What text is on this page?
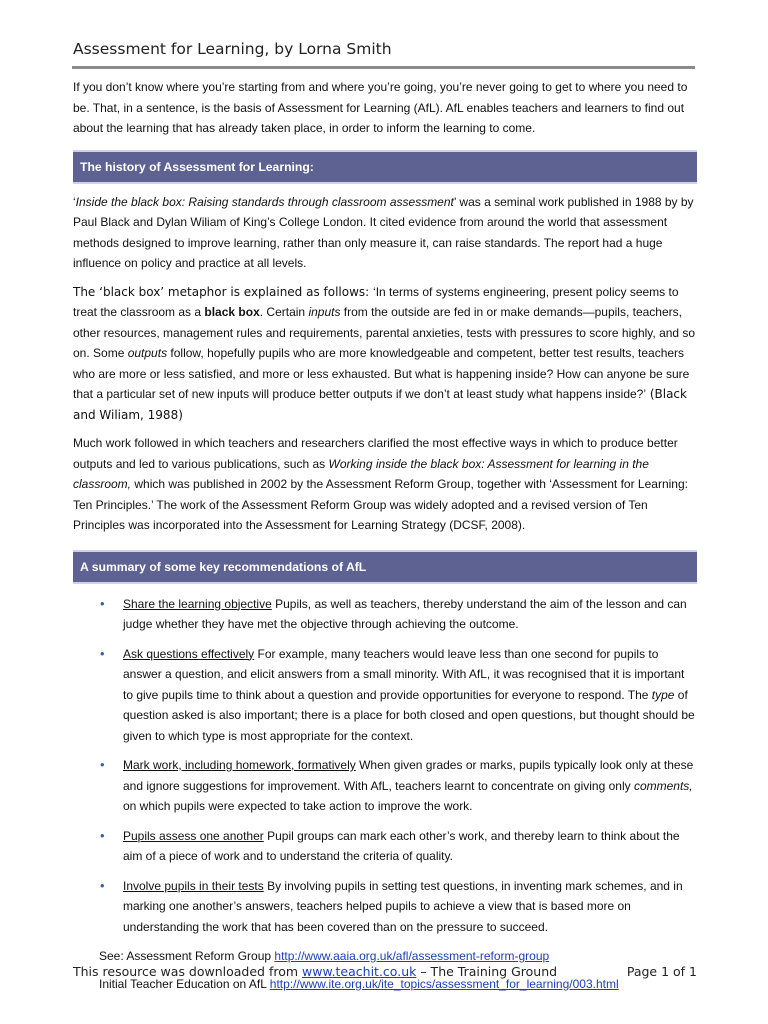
Assessment for Learning, by Lorna Smith

If you don’t know where you’re starting from and where you’re going, you’re never going to get to where you need to be. That, in a sentence, is the basis of Assessment for Learning (AfL). AfL enables teachers and learners to find out about the learning that has already taken place, in order to inform the learning to come.

The history of Assessment for Learning:

‘Inside the black box: Raising standards through classroom assessment’ was a seminal work published in 1988 by by Paul Black and Dylan Wiliam of King’s College London. It cited evidence from around the world that assessment methods designed to improve learning, rather than only measure it, can raise standards. The report had a huge influence on policy and practice at all levels.

The ‘black box’ metaphor is explained as follows: ‘In terms of systems engineering, present policy seems to treat the classroom as a black box. Certain inputs from the outside are fed in or make demands—pupils, teachers, other resources, management rules and requirements, parental anxieties, tests with pressures to score highly, and so on. Some outputs follow, hopefully pupils who are more knowledgeable and competent, better test results, teachers who are more or less satisfied, and more or less exhausted. But what is happening inside? How can anyone be sure that a particular set of new inputs will produce better outputs if we don’t at least study what happens inside?’ (Black and Wiliam, 1988)

Much work followed in which teachers and researchers clarified the most effective ways in which to produce better outputs and led to various publications, such as Working inside the black box: Assessment for learning in the classroom, which was published in 2002 by the Assessment Reform Group, together with ‘Assessment for Learning: Ten Principles.’ The work of the Assessment Reform Group was widely adopted and a revised version of Ten Principles was incorporated into the Assessment for Learning Strategy (DCSF, 2008).

A summary of some key recommendations of AfL
• Share the learning objective Pupils, as well as teachers, thereby understand the aim of the lesson and can judge whether they have met the objective through achieving the outcome.
• Ask questions effectively For example, many teachers would leave less than one second for pupils to answer a question, and elicit answers from a small minority. With AfL, it was recognised that it is important to give pupils time to think about a question and provide opportunities for everyone to respond. The type of question asked is also important; there is a place for both closed and open questions, but thought should be given to which type is most appropriate for the context.
• Mark work, including homework, formatively When given grades or marks, pupils typically look only at these and ignore suggestions for improvement. With AfL, teachers learnt to concentrate on giving only comments, on which pupils were expected to take action to improve the work.
• Pupils assess one another Pupil groups can mark each other’s work, and thereby learn to think about the aim of a piece of work and to understand the criteria of quality.
• Involve pupils in their tests By involving pupils in setting test questions, in inventing mark schemes, and in marking one another’s answers, teachers helped pupils to achieve a view that is based more on understanding the work that has been covered than on the pressure to succeed.

See: Assessment Reform Group http://www.aaia.org.uk/afl/assessment-reform-group

Initial Teacher Education on AfL http://www.ite.org.uk/ite_topics/assessment_for_learning/003.html

This resource was downloaded from www.teachit.co.uk – The Training Ground	Page 1 of 1
